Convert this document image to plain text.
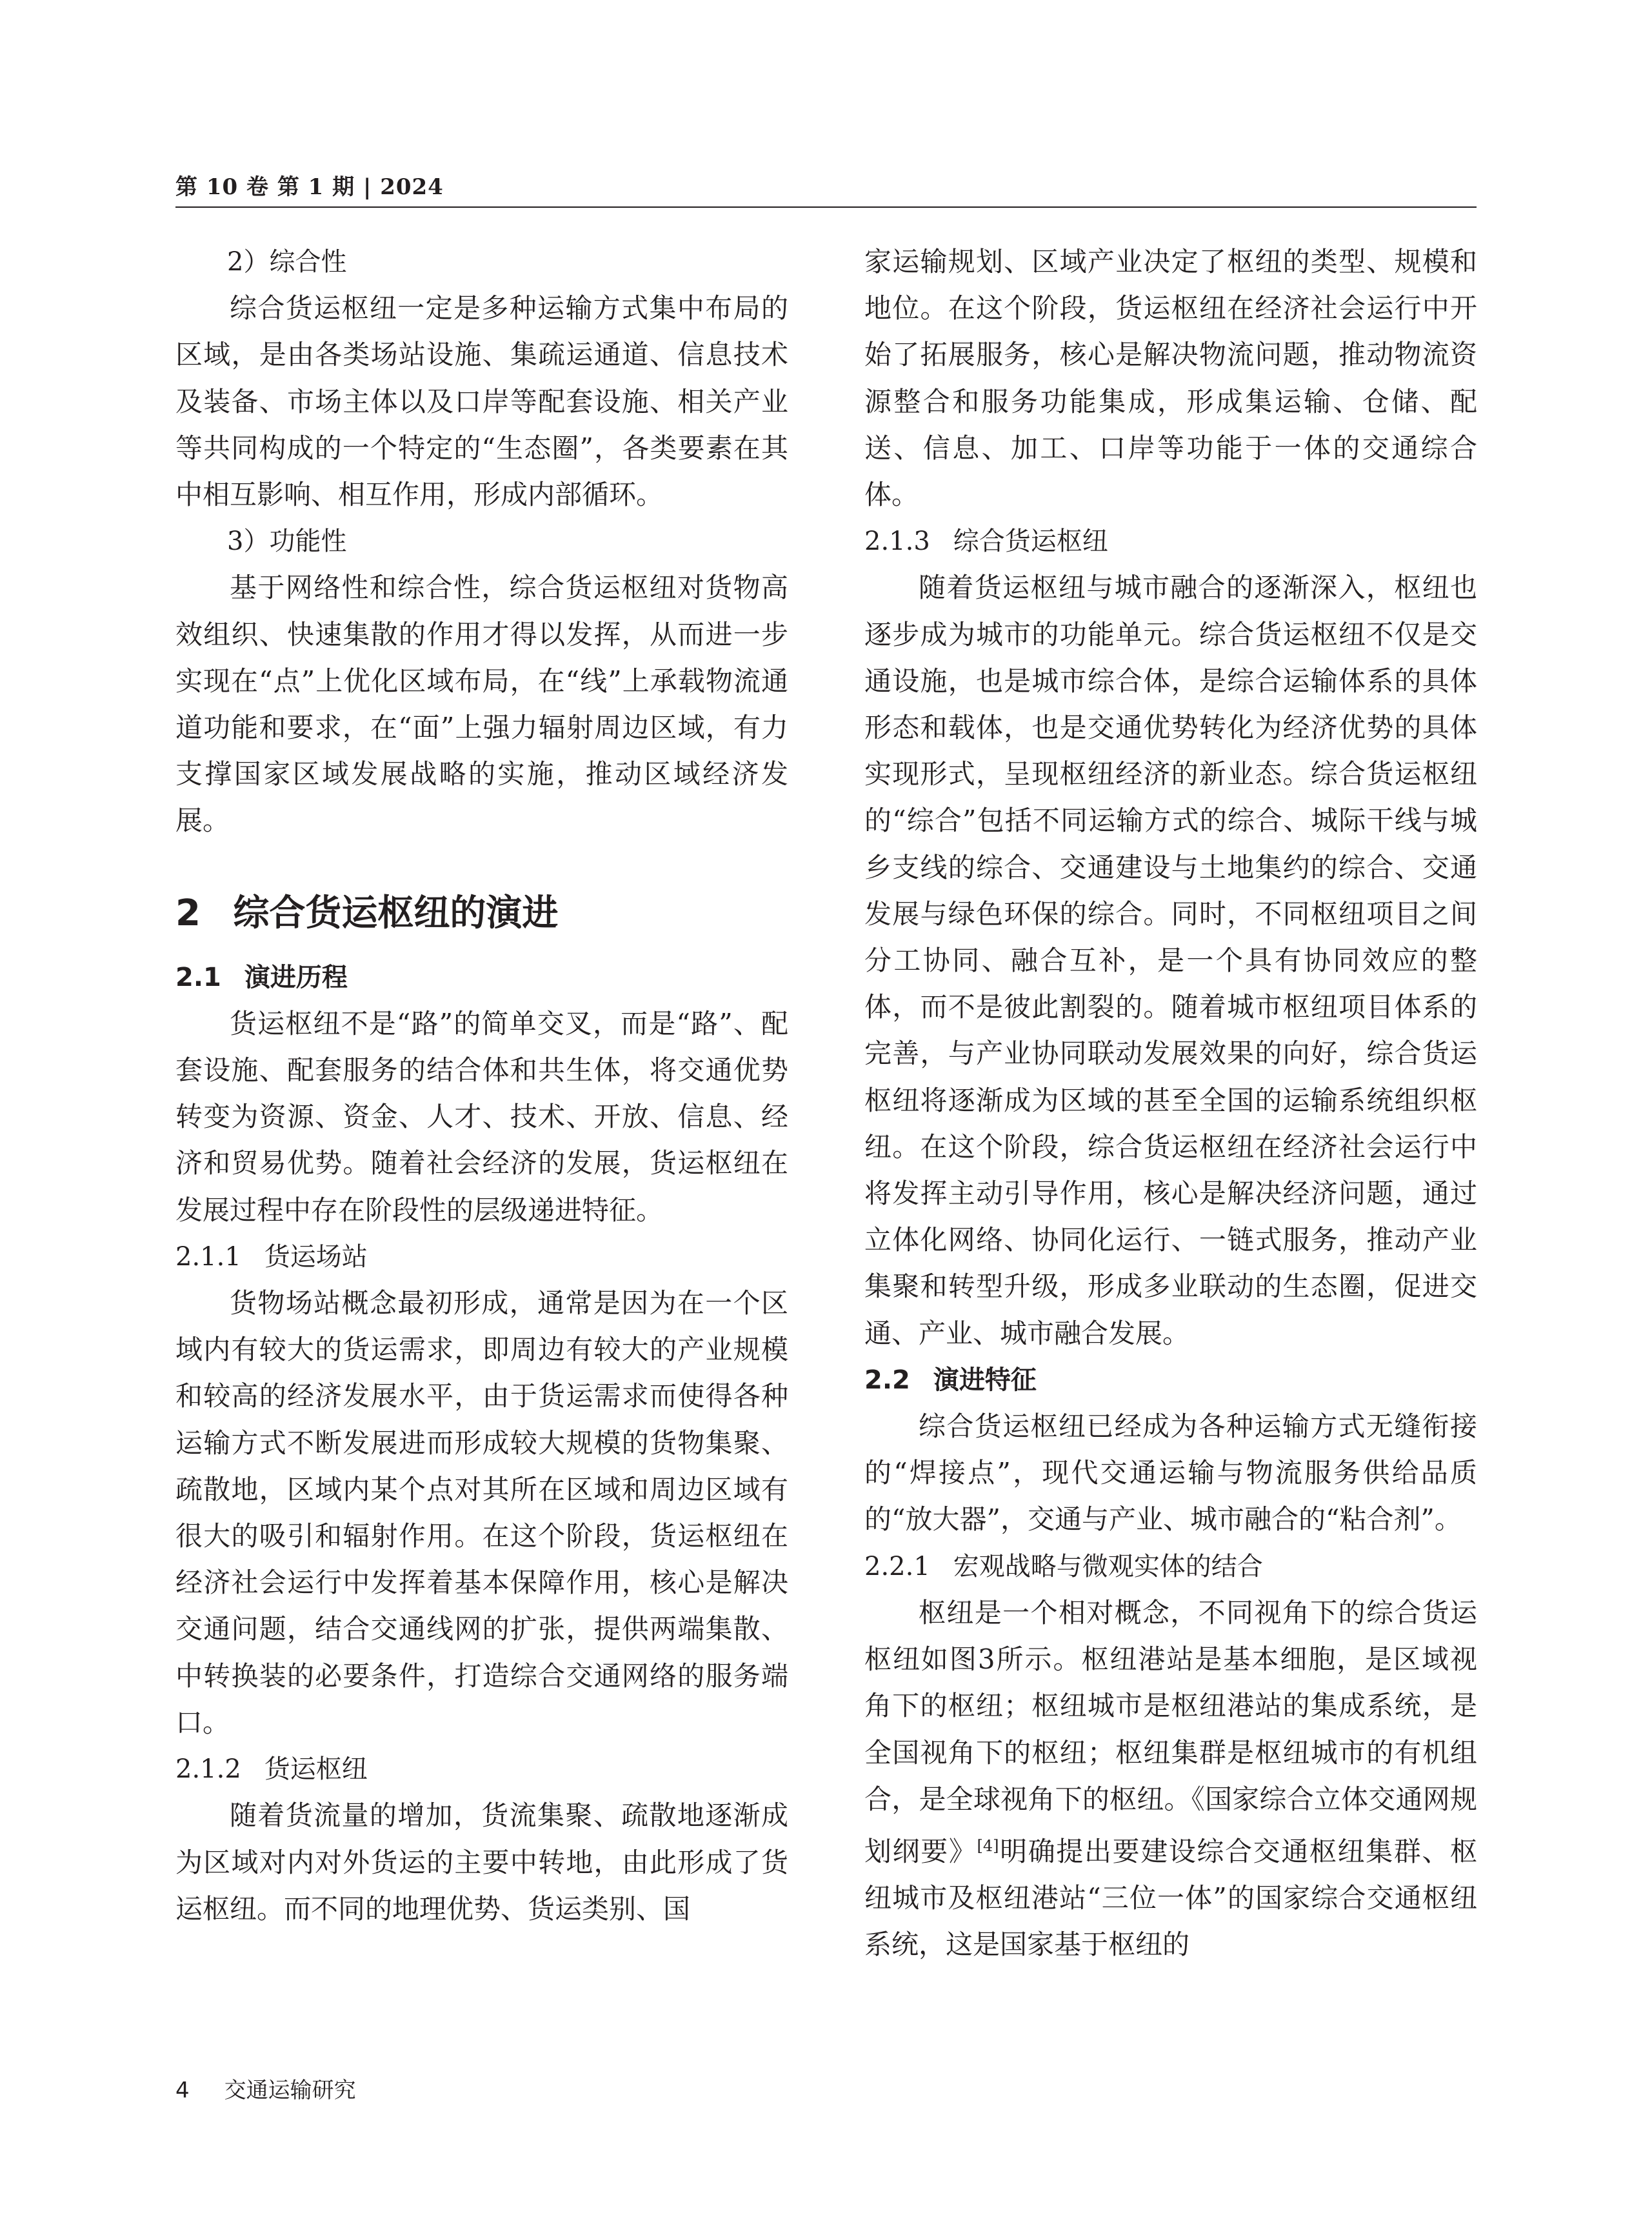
第 10 卷 第 1 期 | 2024
2）综合性

综合货运枢纽一定是多种运输方式集中布局的区域，是由各类场站设施、集疏运通道、信息技术及装备、市场主体以及口岸等配套设施、相关产业等共同构成的一个特定的“生态圈”，各类要素在其中相互影响、相互作用，形成内部循环。

3）功能性

基于网络性和综合性，综合货运枢纽对货物高效组织、快速集散的作用才得以发挥，从而进一步实现在“点”上优化区域布局，在“线”上承载物流通道功能和要求，在“面”上强力辐射周边区域，有力支撑国家区域发展战略的实施，推动区域经济发展。

2 综合货运枢纽的演进
2.1 演进历程

货运枢纽不是“路”的简单交叉，而是“路”、配套设施、配套服务的结合体和共生体，将交通优势转变为资源、资金、人才、技术、开放、信息、经济和贸易优势。随着社会经济的发展，货运枢纽在发展过程中存在阶段性的层级递进特征。

2.1.1 货运场站

货物场站概念最初形成，通常是因为在一个区域内有较大的货运需求，即周边有较大的产业规模和较高的经济发展水平，由于货运需求而使得各种运输方式不断发展进而形成较大规模的货物集聚、疏散地，区域内某个点对其所在区域和周边区域有很大的吸引和辐射作用。在这个阶段，货运枢纽在经济社会运行中发挥着基本保障作用，核心是解决交通问题，结合交通线网的扩张，提供两端集散、中转换装的必要条件，打造综合交通网络的服务端口。

2.1.2 货运枢纽

随着货流量的增加，货流集聚、疏散地逐渐成为区域对内对外货运的主要中转地，由此形成了货运枢纽。而不同的地理优势、货运类别、国

家运输规划、区域产业决定了枢纽的类型、规模和地位。在这个阶段，货运枢纽在经济社会运行中开始了拓展服务，核心是解决物流问题，推动物流资源整合和服务功能集成，形成集运输、仓储、配送、信息、加工、口岸等功能于一体的交通综合体。

2.1.3 综合货运枢纽

随着货运枢纽与城市融合的逐渐深入，枢纽也逐步成为城市的功能单元。综合货运枢纽不仅是交通设施，也是城市综合体，是综合运输体系的具体形态和载体，也是交通优势转化为经济优势的具体实现形式，呈现枢纽经济的新业态。综合货运枢纽的“综合”包括不同运输方式的综合、城际干线与城乡支线的综合、交通建设与土地集约的综合、交通发展与绿色环保的综合。同时，不同枢纽项目之间分工协同、融合互补，是一个具有协同效应的整体，而不是彼此割裂的。随着城市枢纽项目体系的完善，与产业协同联动发展效果的向好，综合货运枢纽将逐渐成为区域的甚至全国的运输系统组织枢纽。在这个阶段，综合货运枢纽在经济社会运行中将发挥主动引导作用，核心是解决经济问题，通过立体化网络、协同化运行、一链式服务，推动产业集聚和转型升级，形成多业联动的生态圈，促进交通、产业、城市融合发展。

2.2 演进特征

综合货运枢纽已经成为各种运输方式无缝衔接的“焊接点”，现代交通运输与物流服务供给品质的“放大器”，交通与产业、城市融合的“粘合剂”。

2.2.1 宏观战略与微观实体的结合

枢纽是一个相对概念，不同视角下的综合货运枢纽如图3所示。枢纽港站是基本细胞，是区域视角下的枢纽；枢纽城市是枢纽港站的集成系统，是全国视角下的枢纽；枢纽集群是枢纽城市的有机组合，是全球视角下的枢纽。《国家综合立体交通网规划纲要》[4]明确提出要建设综合交通枢纽集群、枢纽城市及枢纽港站“三位一体”的国家综合交通枢纽系统，这是国家基于枢纽的

4 交通运输研究
